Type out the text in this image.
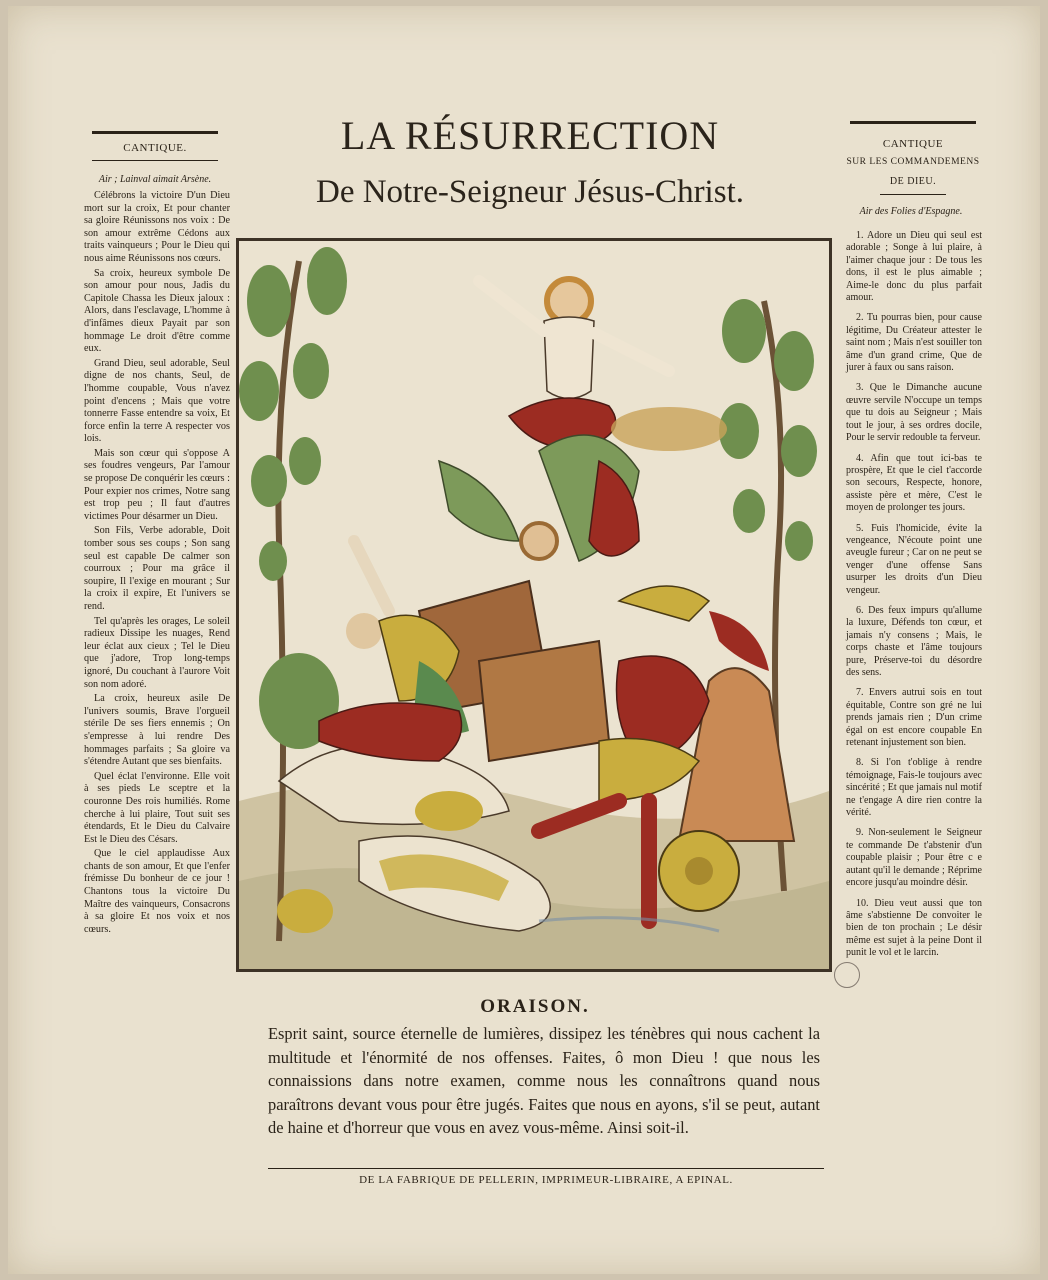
CANTIQUE.
Air ; Lainval aimait Arsène.

Célébrons la victoire D'un Dieu mort sur la croix, Et pour chanter sa gloire Réunissons nos voix : De son amour extrême Cédons aux traits vainqueurs ; Pour le Dieu qui nous aime Réunissons nos cœurs.

Sa croix, heureux symbole De son amour pour nous, Jadis du Capitole Chassa les Dieux jaloux : Alors, dans l'esclavage, L'homme à d'infâmes dieux Payait par son hommage Le droit d'être comme eux.

Grand Dieu, seul adorable, Seul digne de nos chants, Seul, de l'homme coupable, Vous n'avez point d'encens ; Mais que votre tonnerre Fasse entendre sa voix, Et force enfin la terre A respecter vos lois.

Mais son cœur qui s'oppose A ses foudres vengeurs, Par l'amour se propose De conquérir les cœurs : Pour expier nos crimes, Notre sang est trop peu ; Il faut d'autres victimes Pour désarmer un Dieu.

Son Fils, Verbe adorable, Doit tomber sous ses coups ; Son sang seul est capable De calmer son courroux ; Pour ma grâce il soupire, Il l'exige en mourant ; Sur la croix il expire, Et l'univers se rend.

Tel qu'après les orages, Le soleil radieux Dissipe les nuages, Rend leur éclat aux cieux ; Tel le Dieu que j'adore, Trop long-temps ignoré, Du couchant à l'aurore Voit son nom adoré.

La croix, heureux asile De l'univers soumis, Brave l'orgueil stérile De ses fiers ennemis ; On s'empresse à lui rendre Des hommages parfaits ; Sa gloire va s'étendre Autant que ses bienfaits.

Quel éclat l'environne. Elle voit à ses pieds Le sceptre et la couronne Des rois humiliés. Rome cherche à lui plaire, Tout suit ses étendards, Et le Dieu du Calvaire Est le Dieu des Césars.

Que le ciel applaudisse Aux chants de son amour, Et que l'enfer frémisse Du bonheur de ce jour ! Chantons tous la victoire Du Maître des vainqueurs, Consacrons à sa gloire Et nos voix et nos cœurs.

CANTIQUE
SUR LES COMMANDEMENS
DE DIEU.
Air des Folies d'Espagne.

1. Adore un Dieu qui seul est adorable ; Songe à lui plaire, à l'aimer chaque jour : De tous les dons, il est le plus aimable ; Aime-le donc du plus parfait amour.

2. Tu pourras bien, pour cause légitime, Du Créateur attester le saint nom ; Mais n'est souiller ton âme d'un grand crime, Que de jurer à faux ou sans raison.

3. Que le Dimanche aucune œuvre servile N'occupe un temps que tu dois au Seigneur ; Mais tout le jour, à ses ordres docile, Pour le servir redouble ta ferveur.

4. Afin que tout ici-bas te prospère, Et que le ciel t'accorde son secours, Respecte, honore, assiste père et mère, C'est le moyen de prolonger tes jours.

5. Fuis l'homicide, évite la vengeance, N'écoute point une aveugle fureur ; Car on ne peut se venger d'une offense Sans usurper les droits d'un Dieu vengeur.

6. Des feux impurs qu'allume la luxure, Défends ton cœur, et jamais n'y consens ; Mais, le corps chaste et l'âme toujours pure, Préserve-toi du désordre des sens.

7. Envers autrui sois en tout équitable, Contre son gré ne lui prends jamais rien ; D'un crime égal on est encore coupable En retenant injustement son bien.

8. Si l'on t'oblige à rendre témoignage, Fais-le toujours avec sincérité ; Et que jamais nul motif ne t'engage A dire rien contre la vérité.

9. Non-seulement le Seigneur te commande De t'abstenir d'un coupable plaisir ; Pour être c e autant qu'il le demande ; Réprime encore jusqu'au moindre désir.

10. Dieu veut aussi que ton âme s'abstienne De convoiter le bien de ton prochain ; Le désir même est sujet à la peine Dont il punit le vol et le larcin.

LA RÉSURRECTION
De Notre-Seigneur Jésus-Christ.
ORAISON.
Esprit saint, source éternelle de lumières, dissipez les ténèbres qui nous cachent la multitude et l'énormité de nos offenses. Faites, ô mon Dieu ! que nous les connaissions dans notre examen, comme nous les connaîtrons quand nous paraîtrons devant vous pour être jugés. Faites que nous en ayons, s'il se peut, autant de haine et d'horreur que vous en avez vous-même. Ainsi soit-il.
DE LA FABRIQUE DE PELLERIN, IMPRIMEUR-LIBRAIRE, A EPINAL.
